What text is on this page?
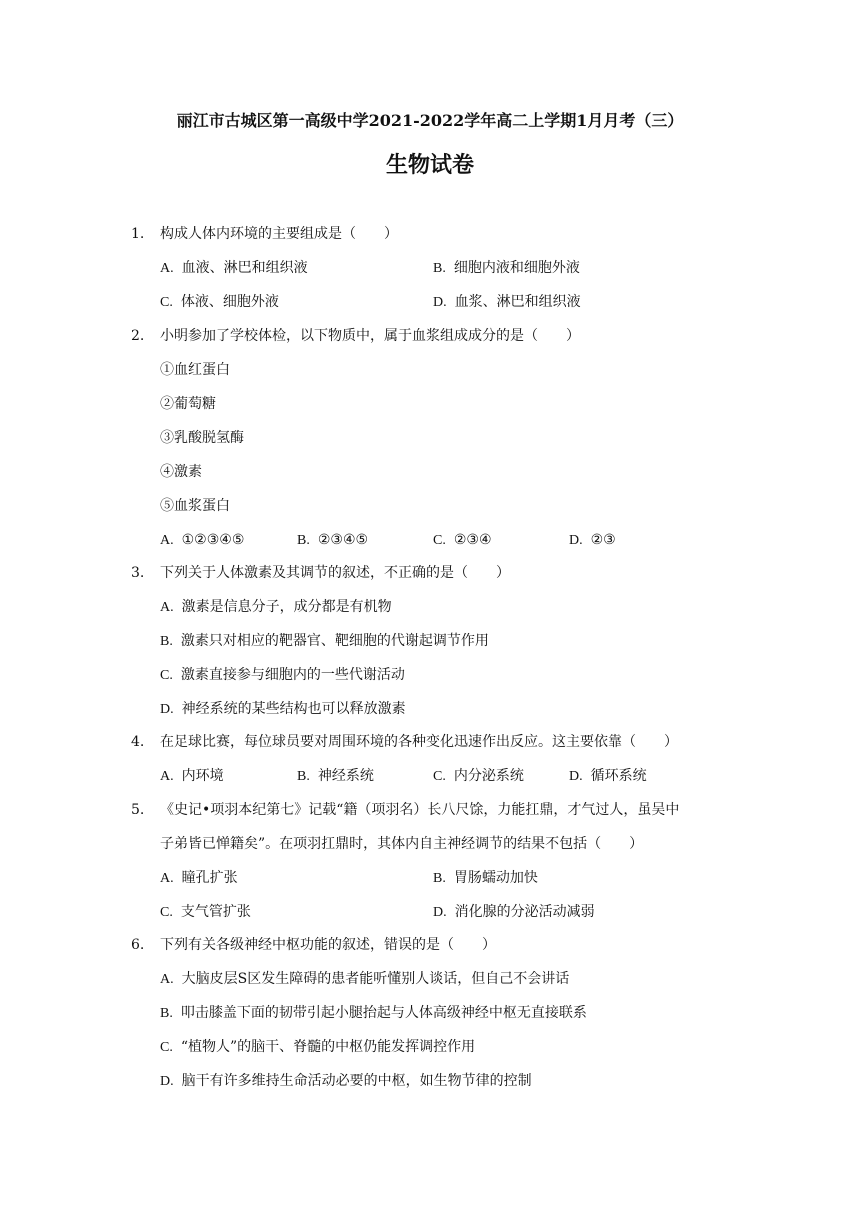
丽江市古城区第一高级中学2021-2022学年高二上学期1月月考（三）
生物试卷
1. 构成人体内环境的主要组成是（　　）
A. 血液、淋巴和组织液	B. 细胞内液和细胞外液
C. 体液、细胞外液	D. 血浆、淋巴和组织液
2. 小明参加了学校体检，以下物质中，属于血浆组成成分的是（　　）
①血红蛋白
②葡萄糖
③乳酸脱氢酶
④激素
⑤血浆蛋白
A. ①②③④⑤	B. ②③④⑤	C. ②③④	D. ②③
3. 下列关于人体激素及其调节的叙述，不正确的是（　　）
A. 激素是信息分子，成分都是有机物
B. 激素只对相应的靶器官、靶细胞的代谢起调节作用
C. 激素直接参与细胞内的一些代谢活动
D. 神经系统的某些结构也可以释放激素
4. 在足球比赛，每位球员要对周围环境的各种变化迅速作出反应。这主要依靠（　　）
A. 内环境	B. 神经系统	C. 内分泌系统	D. 循环系统
5. 《史记•项羽本纪第七》记载“籍（项羽名）长八尺馀，力能扛鼎，才气过人，虽吴中
子弟皆已惮籍矣”。在项羽扛鼎时，其体内自主神经调节的结果不包括（　　）
A. 瞳孔扩张	B. 胃肠蠕动加快
C. 支气管扩张	D. 消化腺的分泌活动减弱
6. 下列有关各级神经中枢功能的叙述，错误的是（　　）
A. 大脑皮层S区发生障碍的患者能听懂别人谈话，但自己不会讲话
B. 叩击膝盖下面的韧带引起小腿抬起与人体高级神经中枢无直接联系
C. “植物人”的脑干、脊髓的中枢仍能发挥调控作用
D. 脑干有许多维持生命活动必要的中枢，如生物节律的控制
